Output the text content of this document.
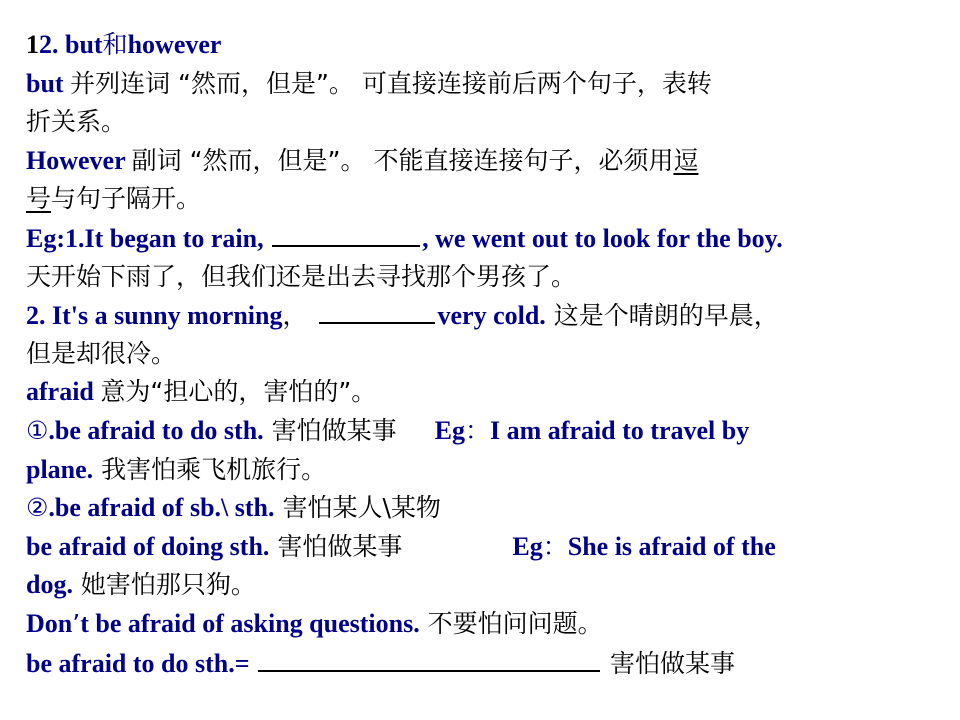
12. but和however
but 并列连词 “然而，但是”。 可直接连接前后两个句子，表转
折关系。
However 副词 “然而，但是”。 不能直接连接句子，必须用逗
号与句子隔开。
Eg:1.It began to rain,	, we went out to look for the boy.
天开始下雨了，但我们还是出去寻找那个男孩了。
2. It's a sunny morning，	very cold. 这是个晴朗的早晨，
但是却很冷。
afraid 意为“担心的，害怕的”。
①.be afraid to do sth. 害怕做某事 Eg：I am afraid to travel by
plane. 我害怕乘飞机旅行。
②.be afraid of sb.\ sth. 害怕某人\某物
be afraid of doing sth. 害怕做某事	Eg：She is afraid of the
dog. 她害怕那只狗。
Don’t be afraid of asking questions. 不要怕问问题。
be afraid to do sth.=	害怕做某事
